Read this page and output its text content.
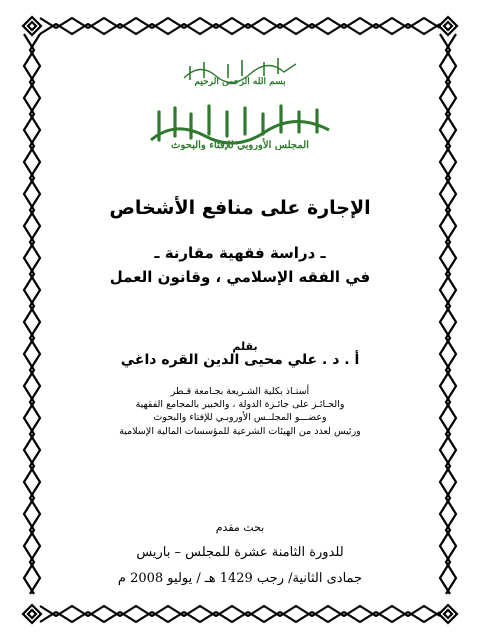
بسم الله الرحمن الرحيم
المجلس الأوروبي للإفتاء والبحوث
الإجارة على منافع الأشخاص
ـ دراسة فقهية مقارنة ـ
في الفقه الإسلامي ، وقانون العمل
بقلم
أ . د . علي محيى الدين القره داغي
أستـاذ بكلية الشـريعة بجـامعة قـطر
والحـائـز على جائـزة الدولة ، والخبير بالمجامع الفقهية
وعضـــو المجلــس الأوروبـي للإفتاء والبحوث
ورئيس لعدد من الهيئات الشرعية للمؤسسات المالية الإسلامية
بحث مقدم
للدورة الثامنة عشرة للمجلس – باريس
جمادى الثانية/ رجب 1429 هـ / يوليو 2008 م
